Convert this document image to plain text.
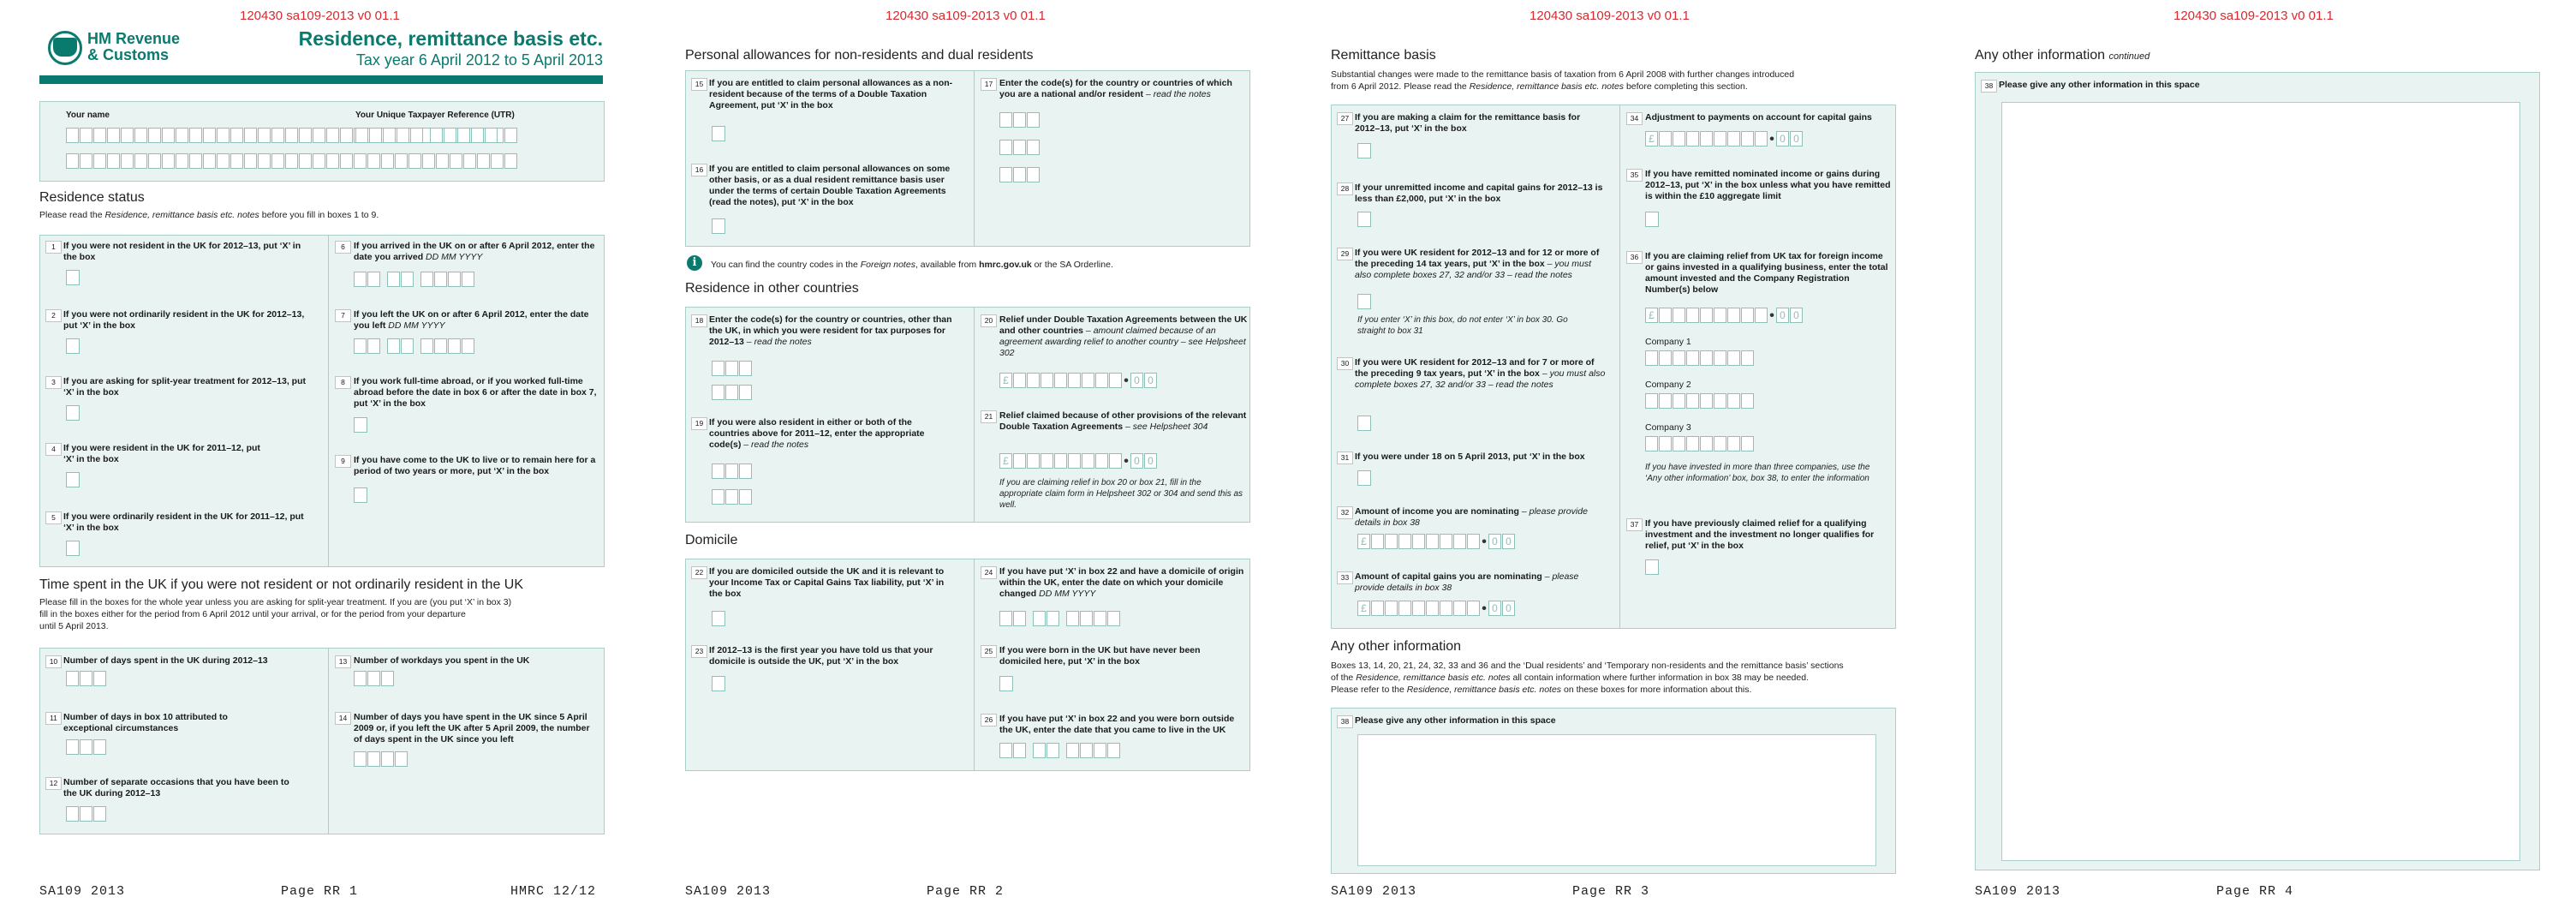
120430 sa109-2013 v0 01.1
HM Revenue
& Customs
Residence, remittance basis etc.
Tax year 6 April 2012 to 5 April 2013
Your name	Your Unique Taxpayer Reference (UTR)
Residence status
Please read the Residence, remittance basis etc. notes before you fill in boxes 1 to 9.
1 If you were not resident in the UK for 2012–13, put ‘X’ in the box
2 If you were not ordinarily resident in the UK for 2012–13, put ‘X’ in the box
3 If you are asking for split-year treatment for 2012–13, put ‘X’ in the box
4 If you were resident in the UK for 2011–12, put ‘X’ in the box
5 If you were ordinarily resident in the UK for 2011–12, put ‘X’ in the box
6 If you arrived in the UK on or after 6 April 2012, enter the date you arrived DD MM YYYY
7 If you left the UK on or after 6 April 2012, enter the date you left DD MM YYYY
8 If you work full-time abroad, or if you worked full-time abroad before the date in box 6 or after the date in box 7, put ‘X’ in the box
9 If you have come to the UK to live or to remain here for a period of two years or more, put ‘X’ in the box
Time spent in the UK if you were not resident or not ordinarily resident in the UK
Please fill in the boxes for the whole year unless you are asking for split-year treatment. If you are (you put ‘X’ in box 3)
fill in the boxes either for the period from 6 April 2012 until your arrival, or for the period from your departure
until 5 April 2013.
10 Number of days spent in the UK during 2012–13
11 Number of days in box 10 attributed to exceptional circumstances
12 Number of separate occasions that you have been to the UK during 2012–13
13 Number of workdays you spent in the UK
14 Number of days you have spent in the UK since 5 April 2009 or, if you left the UK after 5 April 2009, the number of days spent in the UK since you left
SA109 2013	Page RR 1	HMRC 12/12
120430 sa109-2013 v0 01.1
Personal allowances for non-residents and dual residents
15 If you are entitled to claim personal allowances as a non-resident because of the terms of a Double Taxation Agreement, put ‘X’ in the box
16 If you are entitled to claim personal allowances on some other basis, or as a dual resident remittance basis user under the terms of certain Double Taxation Agreements (read the notes), put ‘X’ in the box
17 Enter the code(s) for the country or countries of which you are a national and/or resident – read the notes
i	You can find the country codes in the Foreign notes, available from hmrc.gov.uk or the SA Orderline.
Residence in other countries
18 Enter the code(s) for the country or countries, other than the UK, in which you were resident for tax purposes for 2012–13 – read the notes
19 If you were also resident in either or both of the countries above for 2011–12, enter the appropriate code(s) – read the notes
20 Relief under Double Taxation Agreements between the UK and other countries – amount claimed because of an agreement awarding relief to another country – see Helpsheet 302
£	• 0 0
21 Relief claimed because of other provisions of the relevant Double Taxation Agreements – see Helpsheet 304
£	• 0 0
If you are claiming relief in box 20 or box 21, fill in the appropriate claim form in Helpsheet 302 or 304 and send this as well.
Domicile
22 If you are domiciled outside the UK and it is relevant to your Income Tax or Capital Gains Tax liability, put ‘X’ in the box
23 If 2012–13 is the first year you have told us that your domicile is outside the UK, put ‘X’ in the box
24 If you have put ‘X’ in box 22 and have a domicile of origin within the UK, enter the date on which your domicile changed DD MM YYYY
25 If you were born in the UK but have never been domiciled here, put ‘X’ in the box
26 If you have put ‘X’ in box 22 and you were born outside the UK, enter the date that you came to live in the UK
SA109 2013	Page RR 2
120430 sa109-2013 v0 01.1
Remittance basis
Substantial changes were made to the remittance basis of taxation from 6 April 2008 with further changes introduced
from 6 April 2012. Please read the Residence, remittance basis etc. notes before completing this section.
27 If you are making a claim for the remittance basis for 2012–13, put ‘X’ in the box
28 If your unremitted income and capital gains for 2012–13 is less than £2,000, put ‘X’ in the box
29 If you were UK resident for 2012–13 and for 12 or more of the preceding 14 tax years, put ‘X’ in the box – you must also complete boxes 27, 32 and/or 33 – read the notes
If you enter ‘X’ in this box, do not enter ‘X’ in box 30. Go straight to box 31
30 If you were UK resident for 2012–13 and for 7 or more of the preceding 9 tax years, put ‘X’ in the box – you must also complete boxes 27, 32 and/or 33 – read the notes
31 If you were under 18 on 5 April 2013, put ‘X’ in the box
32 Amount of income you are nominating – please provide details in box 38
£	• 0 0
33 Amount of capital gains you are nominating – please provide details in box 38
£	• 0 0
34 Adjustment to payments on account for capital gains
£	• 0 0
35 If you have remitted nominated income or gains during 2012–13, put ‘X’ in the box unless what you have remitted is within the £10 aggregate limit
36 If you are claiming relief from UK tax for foreign income or gains invested in a qualifying business, enter the total amount invested and the Company Registration Number(s) below
£	• 0 0
Company 1
Company 2
Company 3
If you have invested in more than three companies, use the ‘Any other information’ box, box 38, to enter the information
37 If you have previously claimed relief for a qualifying investment and the investment no longer qualifies for relief, put ‘X’ in the box
Any other information
Boxes 13, 14, 20, 21, 24, 32, 33 and 36 and the ‘Dual residents’ and ‘Temporary non-residents and the remittance basis’ sections
of the Residence, remittance basis etc. notes all contain information where further information in box 38 may be needed.
Please refer to the Residence, remittance basis etc. notes on these boxes for more information about this.
38 Please give any other information in this space
SA109 2013	Page RR 3
120430 sa109-2013 v0 01.1
Any other information continued
38 Please give any other information in this space
SA109 2013	Page RR 4
